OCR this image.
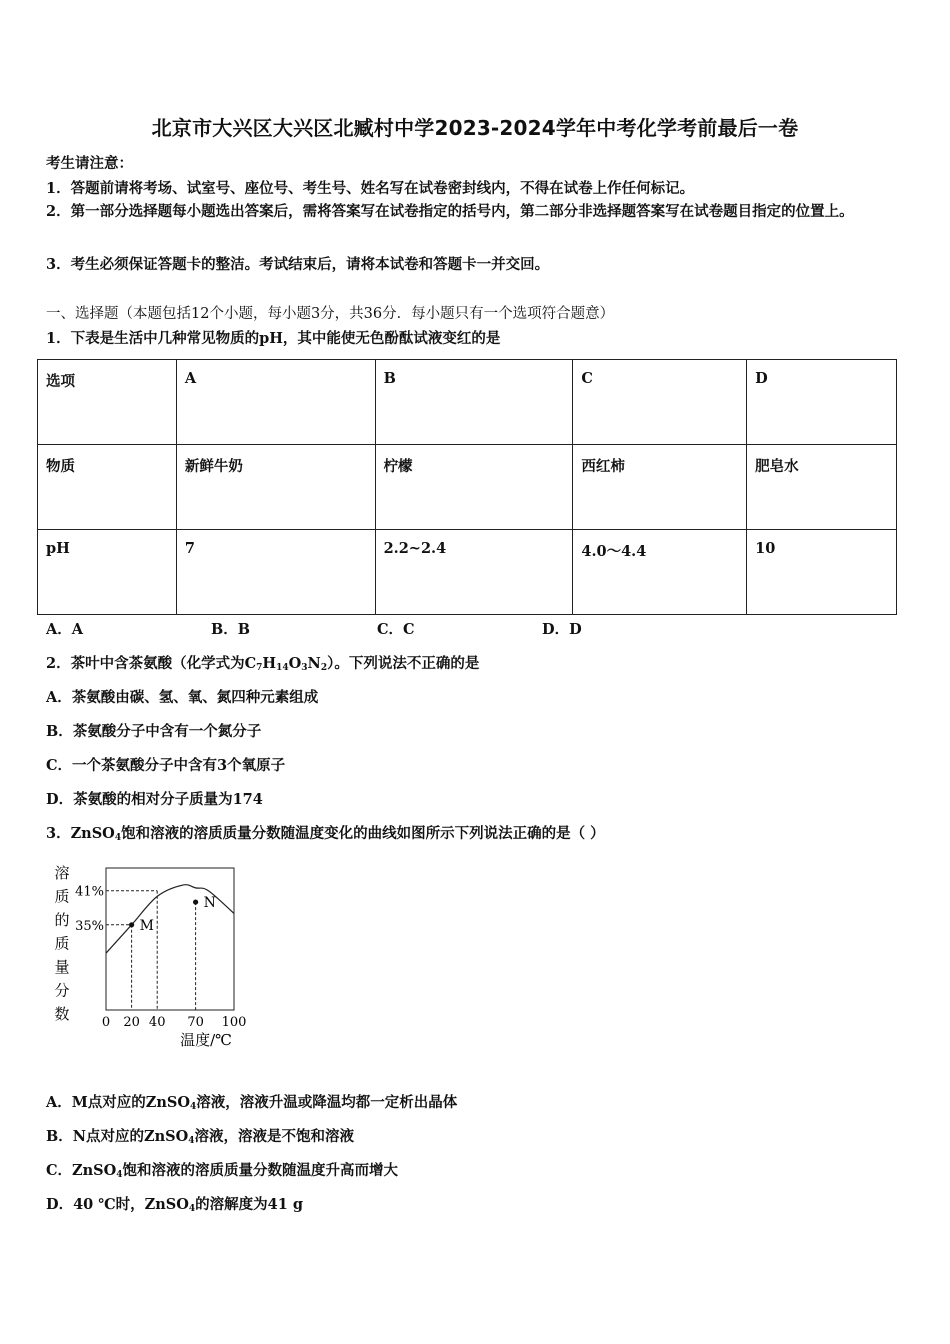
北京市大兴区大兴区北臧村中学2023-2024学年中考化学考前最后一卷
考生请注意：
1．答题前请将考场、试室号、座位号、考生号、姓名写在试卷密封线内，不得在试卷上作任何标记。
2．第一部分选择题每小题选出答案后，需将答案写在试卷指定的括号内，第二部分非选择题答案写在试卷题目指定的位置上。
3．考生必须保证答题卡的整洁。考试结束后，请将本试卷和答题卡一并交回。
一、选择题（本题包括12个小题，每小题3分，共36分．每小题只有一个选项符合题意）
1．下表是生活中几种常见物质的pH，其中能使无色酚酞试液变红的是
选项	A	B	C	D
物质	新鲜牛奶	柠檬	西红柿	肥皂水
pH	7	2.2~2.4	4.0～4.4	10
A．A	B．B	C．C	D．D
2．茶叶中含茶氨酸（化学式为$C_7H_{14}O_3N_2$）。下列说法不正确的是
A．茶氨酸由碳、氢、氧、氮四种元素组成
B．茶氨酸分子中含有一个氮分子
C．一个茶氨酸分子中含有3个氧原子
D．茶氨酸的相对分子质量为174
3．ZnSO$_4$饱和溶液的溶质质量分数随温度变化的曲线如图所示下列说法正确的是（ ）
溶
质
的
质
量
分
数
41%
35%
0 20 40 70 100
M
N
温度/℃
A．M点对应的ZnSO$_4$溶液，溶液升温或降温均都一定析出晶体
B．N点对应的ZnSO$_4$溶液，溶液是不饱和溶液
C．ZnSO$_4$饱和溶液的溶质质量分数随温度升高而增大
D．40 ℃时，ZnSO$_4$的溶解度为41 g
